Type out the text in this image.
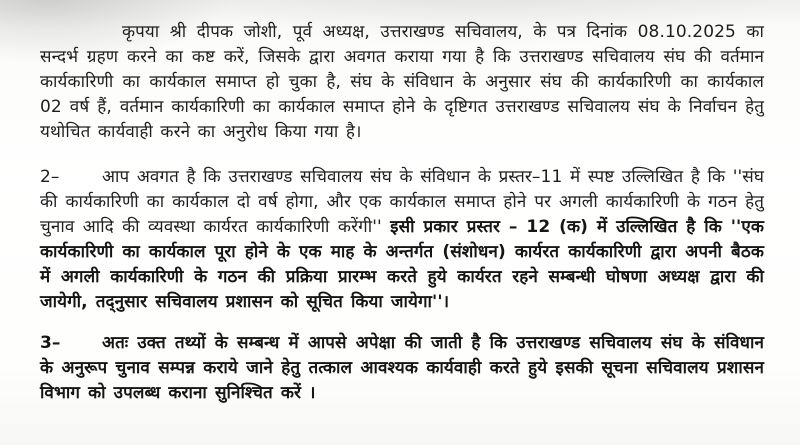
कृपया श्री दीपक जोशी, पूर्व अध्यक्ष, उत्तराखण्ड सचिवालय, के पत्र दिनांक 08.10.2025 का सन्दर्भ ग्रहण करने का कष्ट करें, जिसके द्वारा अवगत कराया गया है कि उत्तराखण्ड सचिवालय संघ की वर्तमान कार्यकारिणी का कार्यकाल समाप्त हो चुका है, संघ के संविधान के अनुसार संघ की कार्यकारिणी का कार्यकाल 02 वर्ष हैं, वर्तमान कार्यकारिणी का कार्यकाल समाप्त होने के दृष्टिगत उत्तराखण्ड सचिवालय संघ के निर्वाचन हेतु यथोचित कार्यवाही करने का अनुरोध किया गया है।

2– आप अवगत है कि उत्तराखण्ड सचिवालय संघ के संविधान के प्रस्तर–11 में स्पष्ट उल्लिखित है कि ''संघ की कार्यकारिणी का कार्यकाल दो वर्ष होगा, और एक कार्यकाल समाप्त होने पर अगली कार्यकारिणी के गठन हेतु चुनाव आदि की व्यवस्था कार्यरत कार्यकारिणी करेंगी'' इसी प्रकार प्रस्तर – 12 (क) में उल्लिखित है कि ''एक कार्यकारिणी का कार्यकाल पूरा होने के एक माह के अन्तर्गत (संशोधन) कार्यरत कार्यकारिणी द्वारा अपनी बैठक में अगली कार्यकारिणी के गठन की प्रक्रिया प्रारम्भ करते हुये कार्यरत रहने सम्बन्धी घोषणा अध्यक्ष द्वारा की जायेगी, तद्नुसार सचिवालय प्रशासन को सूचित किया जायेगा''।

3– अतः उक्त तथ्यों के सम्बन्ध में आपसे अपेक्षा की जाती है कि उत्तराखण्ड सचिवालय संघ के संविधान के अनुरूप चुनाव सम्पन्न कराये जाने हेतु तत्काल आवश्यक कार्यवाही करते हुये इसकी सूचना सचिवालय प्रशासन विभाग को उपलब्ध कराना सुनिश्चित करें ।
